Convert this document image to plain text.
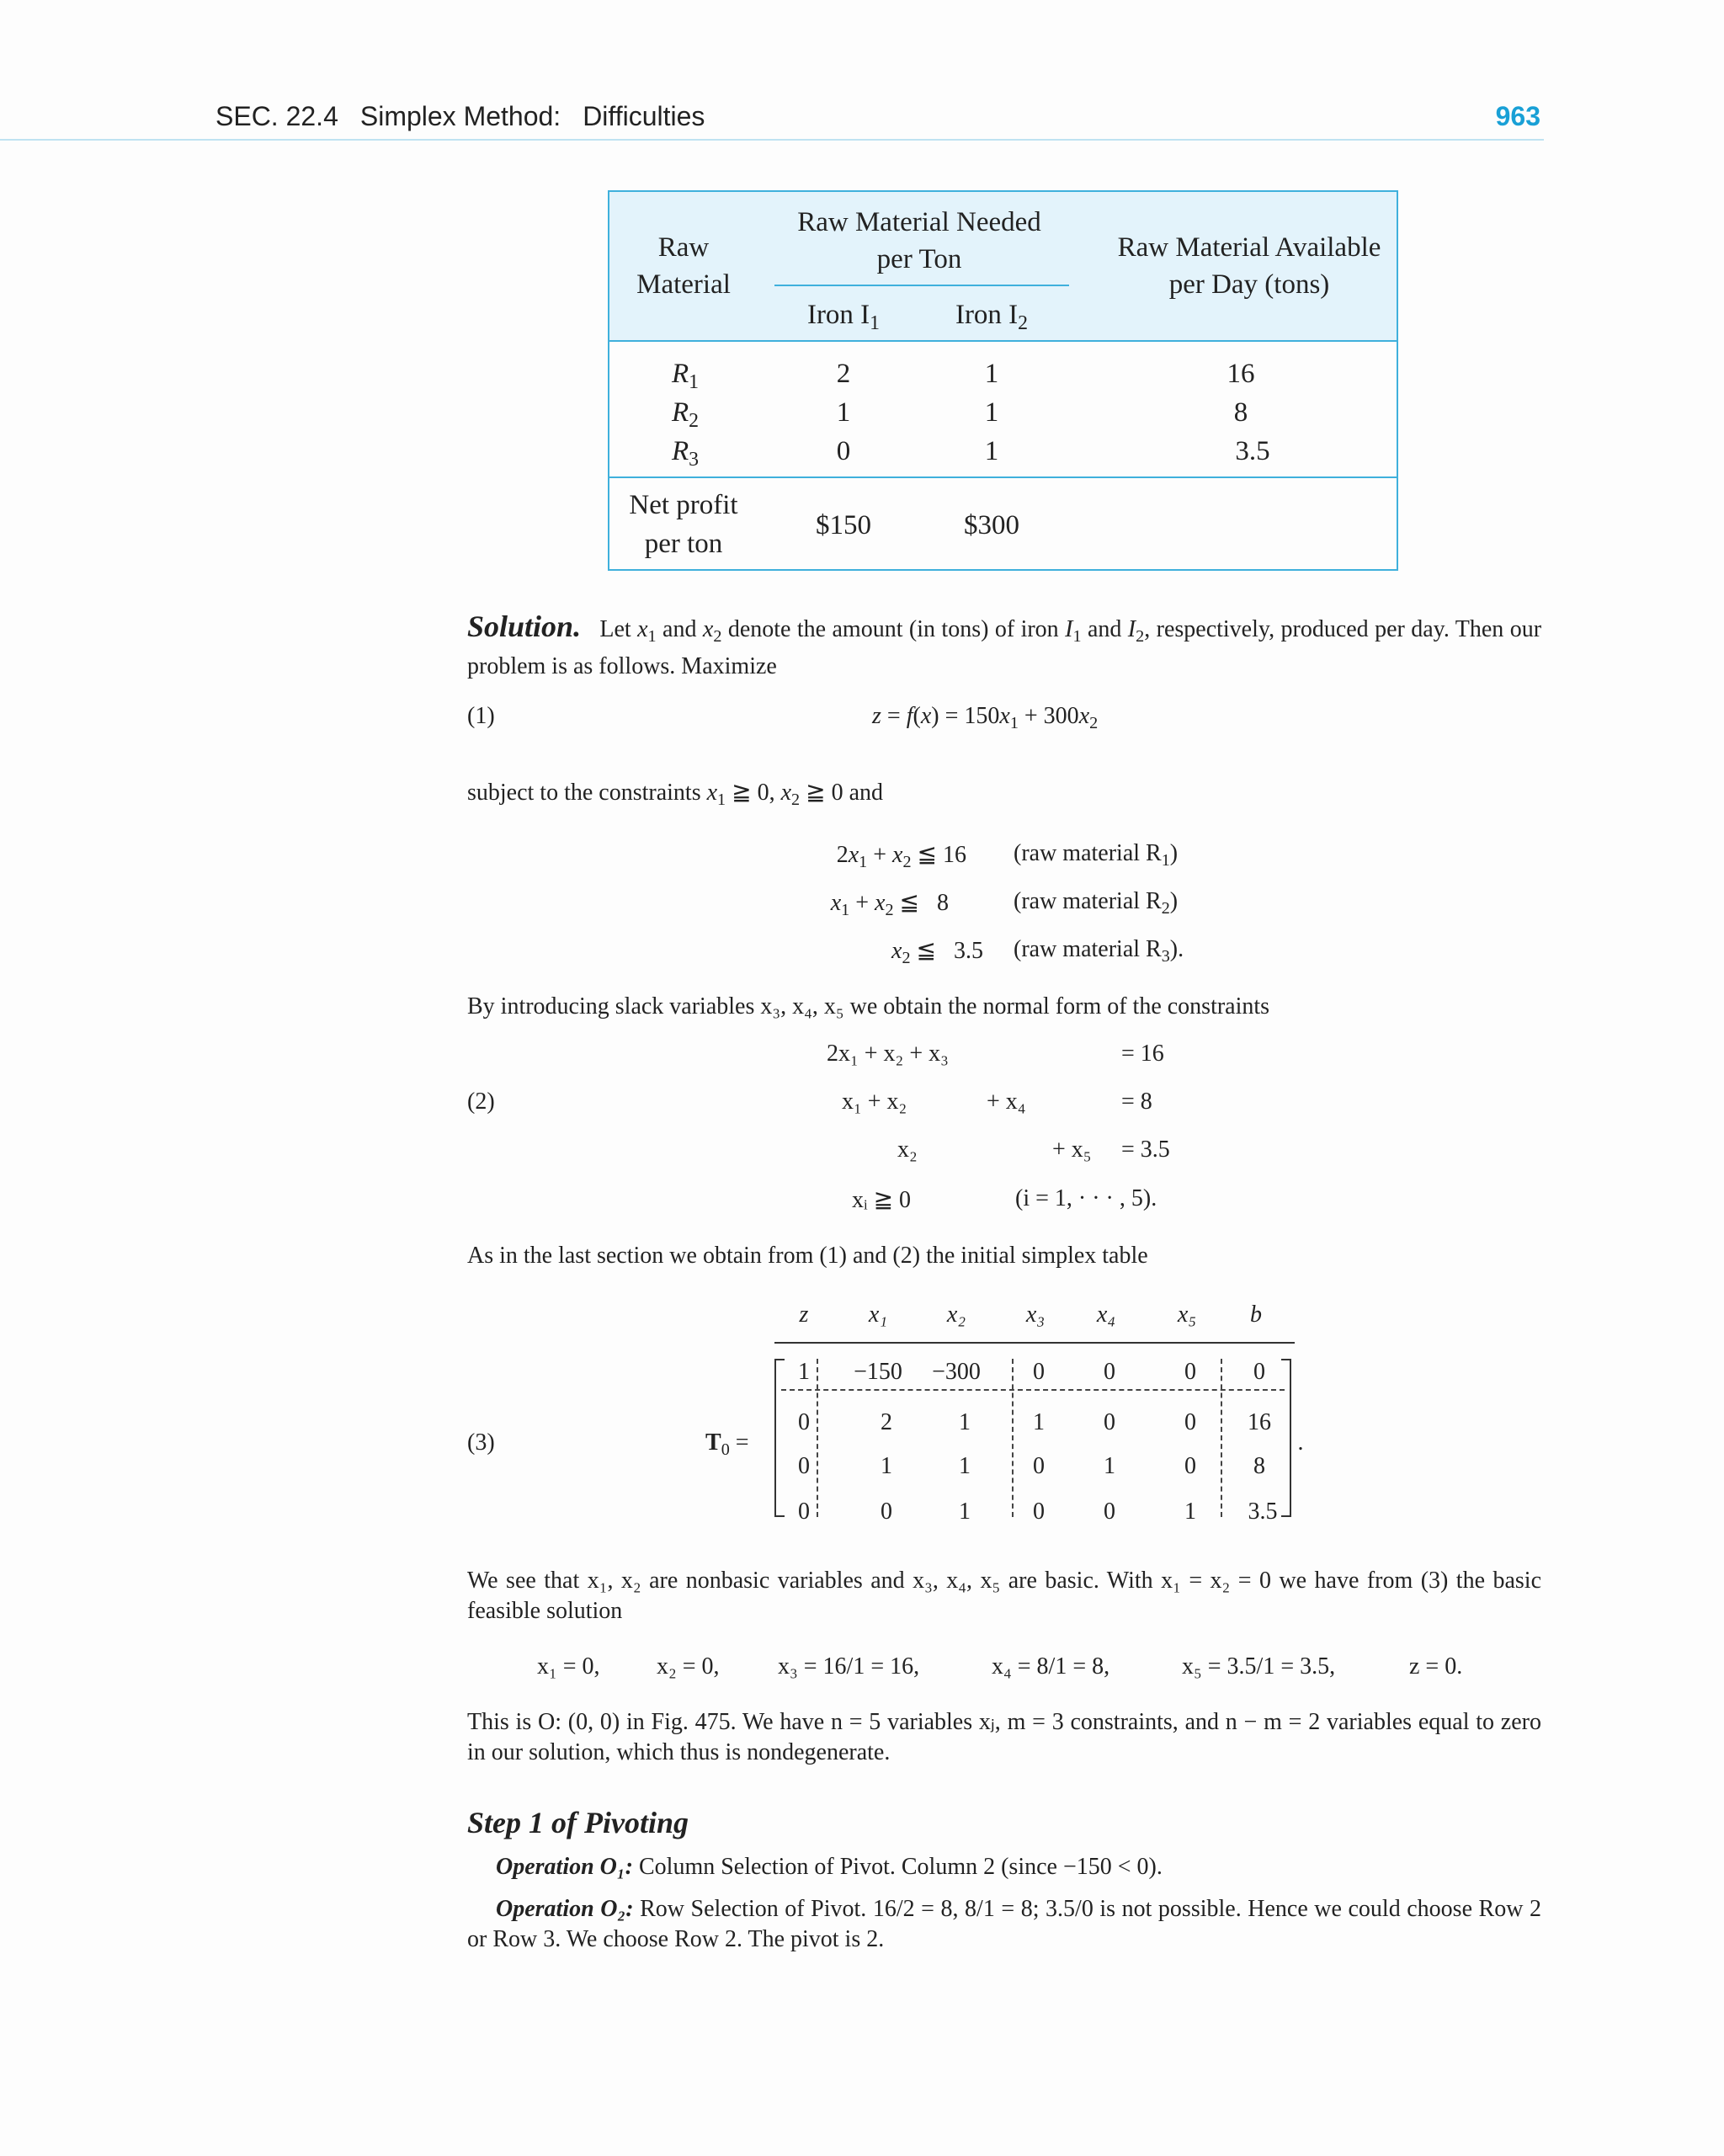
SEC. 22.4 Simplex Method: Difficulties	963
Raw
Material
Raw Material Needed
per Ton
Iron $I_1$	Iron $I_2$
Raw Material Available
per Day (tons)
$R_1$	2	1	16
$R_2$	1	1	8
$R_3$	0	1	3.5
Net profit
per ton
$150	$300
Solution. Let $x_1$ and $x_2$ denote the amount (in tons) of iron $I_1$ and $I_2$, respectively, produced per day. Then our problem is as follows. Maximize
(1)	$z = f(x) = 150x_1 + 300x_2$
subject to the constraints $x_1$ ≧ 0, $x_2$ ≧ 0 and
$2x_1 + x_2$ ≦ 16 (raw material $R_1$)
$x_1 + x_2$ ≦   8	(raw material $R_2$)
$x_2$ ≦   3.5 (raw material $R_3$).
By introducing slack variables x₃, x₄, x₅ we obtain the normal form of the constraints
(2)
2x₁ + x₂ + x₃	= 16
x₁ + x₂	+ x₄	= 8
x₂	+ x₅ = 3.5
xᵢ ≧ 0	(i = 1, · · · , 5).
As in the last section we obtain from (1) and (2) the initial simplex table
(3)	$T_0$ =
z	x₁	x₂	x₃	x₄	x₅	b
1	−150 −300	0	0	0	0
0	2	1	1	0	0	16
0	1	1	0	1	0	8
0	0	1	0	0	1	3.5
.
We see that x₁, x₂ are nonbasic variables and x₃, x₄, x₅ are basic. With x₁ = x₂ = 0 we have from (3) the basic feasible solution
x₁ = 0, x₂ = 0, x₃ = 16/1 = 16,	x₄ = 8/1 = 8,	x₅ = 3.5/1 = 3.5,	z = 0.
This is O: (0, 0) in Fig. 475. We have n = 5 variables xⱼ, m = 3 constraints, and n − m = 2 variables equal to zero in our solution, which thus is nondegenerate.
Step 1 of Pivoting
Operation O₁: Column Selection of Pivot. Column 2 (since −150 < 0).
Operation O₂: Row Selection of Pivot. 16/2 = 8, 8/1 = 8; 3.5/0 is not possible. Hence we could choose Row 2 or Row 3. We choose Row 2. The pivot is 2.
